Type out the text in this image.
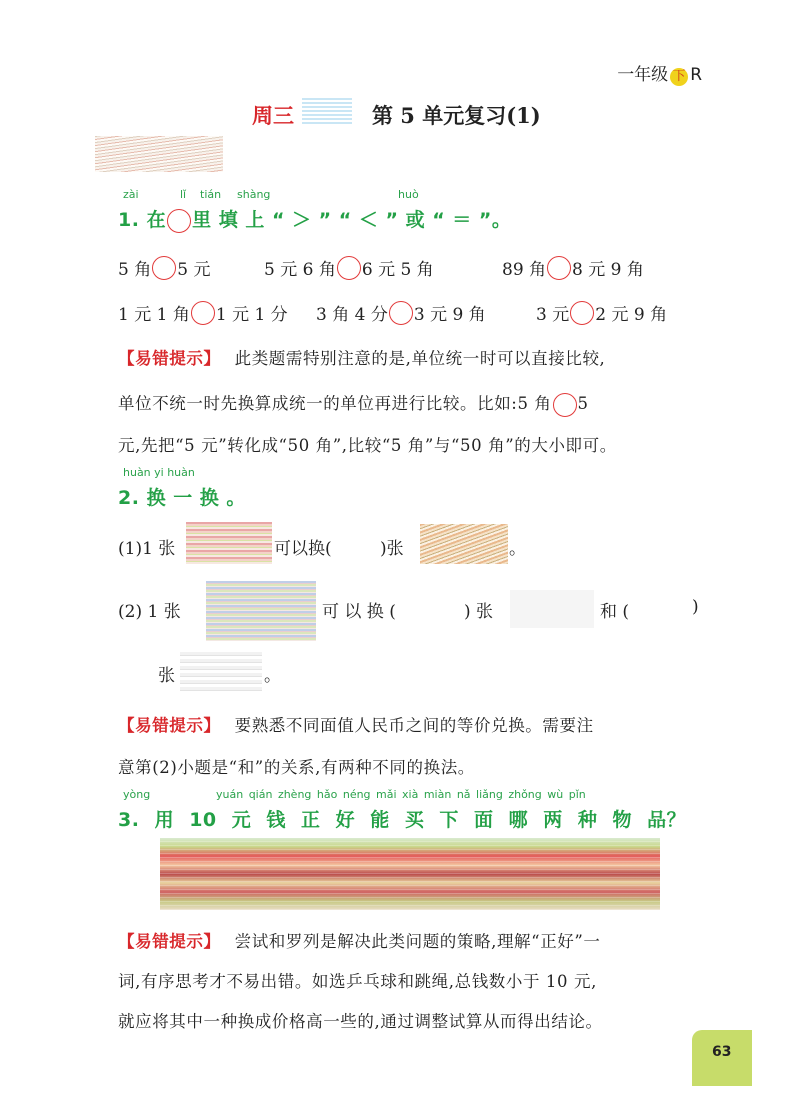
一年级 下 R
周三	第 5 单元复习(1)
zài	lǐ tián shàng	huò
1. 在 里 填 上 “ ＞ ” “ ＜ ” 或 “ ＝ ”。
5 角 5 元	5 元 6 角 6 元 5 角	89 角 8 元 9 角
1 元 1 角 1 元 1 分 3 角 4 分 3 元 9 角	3 元 2 元 9 角
【易错提示】 此类题需特别注意的是,单位统一时可以直接比较,
单位不统一时先换算成统一的单位再进行比较。比如:5 角 5
元,先把“5 元”转化成“50 角”,比较“5 角”与“50 角”的大小即可。
huàn yi huàn
2. 换 一 换 。
(1)1 张	可以换(	)张	。
(2) 1 张	可 以 换 (	) 张	和 (	)
张	。
【易错提示】 要熟悉不同面值人民币之间的等价兑换。需要注
意第(2)小题是“和”的关系,有两种不同的换法。
yòng	yuán qián zhèng hǎo néng mǎi xià miàn nǎ liǎng zhǒng wù pǐn
3. 用 10 元 钱 正 好 能 买 下 面 哪 两 种 物 品？
【易错提示】 尝试和罗列是解决此类问题的策略,理解“正好”一
词,有序思考才不易出错。如选乒乓球和跳绳,总钱数小于 10 元,
就应将其中一种换成价格高一些的,通过调整试算从而得出结论。
63
